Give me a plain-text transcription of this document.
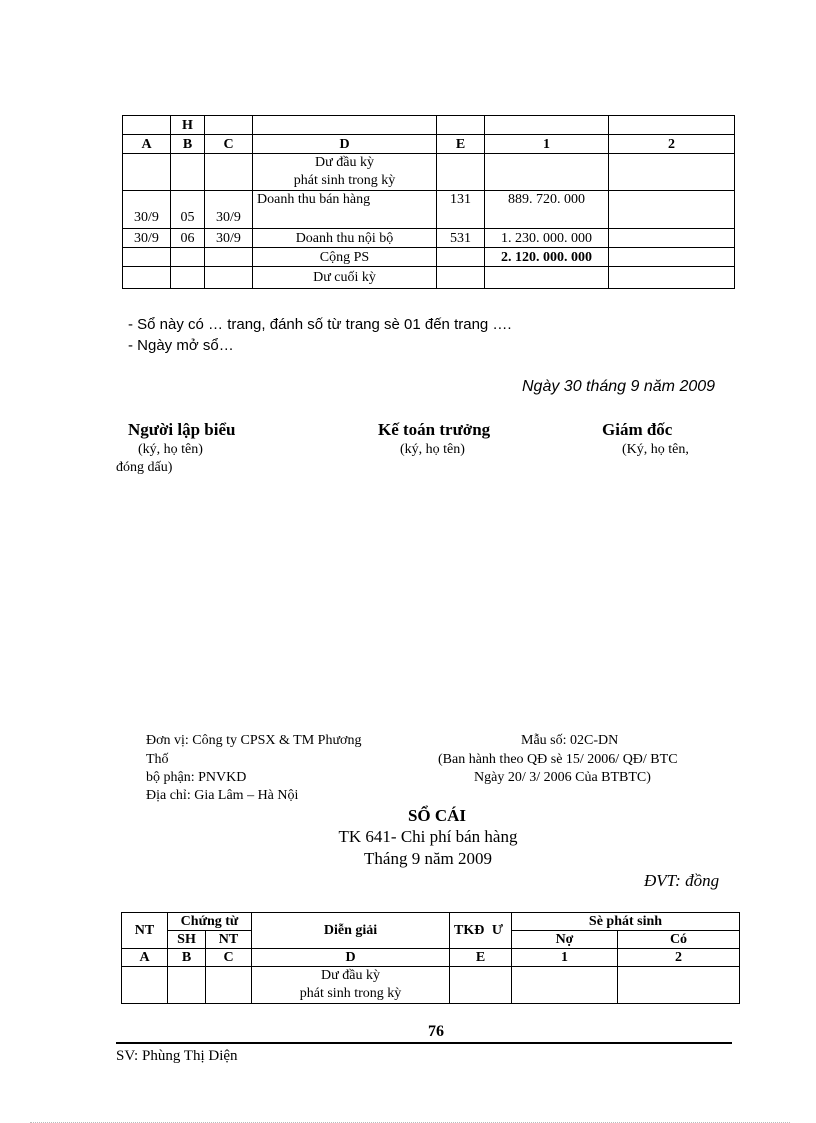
	H					
A	B	C	D	E	1	2

			Dư đầu kỳ
phát sinh trong kỳ			

30/9	05	30/9	Doanh thu bán hàng	131	889. 720. 000	
30/9	06	30/9	Doanh thu nội bộ	531	1. 230. 000. 000	
			Cộng PS		2. 120. 000. 000	
			Dư cuối kỳ			
- Sổ này có … trang, đánh số từ trang sè 01 đến trang ….
- Ngày mở sổ…
Ngày 30 tháng 9 năm 2009
Người lập biểu
(ký, họ tên)
Kế toán trưởng
(ký, họ tên)
Giám đốc
(Ký, họ tên,
đóng dấu)
Đơn vị: Công ty CPSX & TM Phương
Thố
bộ phận: PNVKD
Địa chỉ: Gia Lâm – Hà Nội
Mẫu số: 02C-DN
(Ban hành theo QĐ sè 15/ 2006/ QĐ/ BTC
Ngày 20/ 3/ 2006 Của BTBTC)
SỔ CÁI
TK 641- Chi phí bán hàng
Tháng 9 năm 2009
ĐVT: đồng
NT	Chứng từ		Diễn giải	TKĐ Ư	Sè phát sinh	
	SH	NT			Nợ	Có
A	B	C	D	E	1	2

			Dư đầu kỳ
phát sinh trong kỳ			

76
SV: Phùng Thị Diện
